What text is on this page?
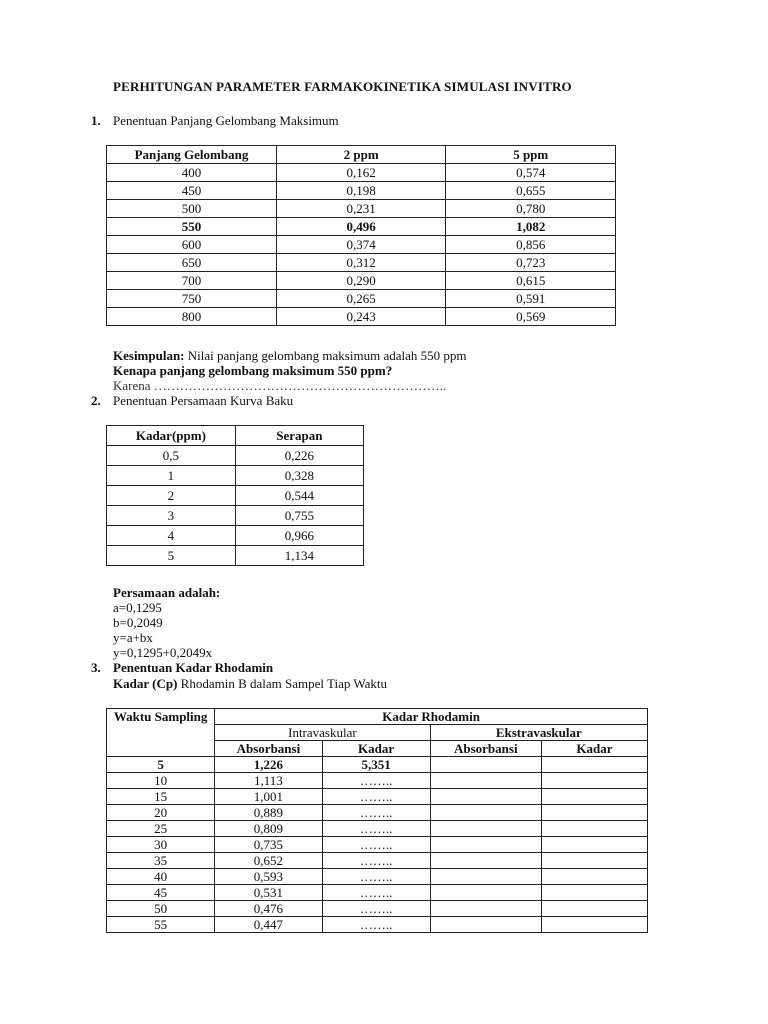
PERHITUNGAN PARAMETER FARMAKOKINETIKA SIMULASI INVITRO
1. Penentuan Panjang Gelombang Maksimum
Panjang Gelombang	2 ppm	5 ppm
400	0,162	0,574
450	0,198	0,655
500	0,231	0,780
550	0,496	1,082
600	0,374	0,856
650	0,312	0,723
700	0,290	0,615
750	0,265	0,591
800	0,243	0,569
Kesimpulan: Nilai panjang gelombang maksimum adalah 550 ppm
Kenapa panjang gelombang maksimum 550 ppm?
Karena …………………………………………………………..
2. Penentuan Persamaan Kurva Baku
Kadar(ppm)	Serapan
0,5	0,226
1	0,328
2	0,544
3	0,755
4	0,966
5	1,134
Persamaan adalah:
a=0,1295
b=0,2049
y=a+bx
y=0,1295+0,2049x
3. Penentuan Kadar Rhodamin
Kadar (Cp) Rhodamin B dalam Sampel Tiap Waktu
Waktu Sampling	Kadar Rhodamin			
	Intravaskular		Ekstravaskular	
	Absorbansi	Kadar	Absorbansi	Kadar
5	1,226	5,351		
10	1,113	……..		
15	1,001	……..		
20	0,889	……..		
25	0,809	……..		
30	0,735	……..		
35	0,652	……..		
40	0,593	……..		
45	0,531	……..		
50	0,476	……..		
55	0,447	……..		
